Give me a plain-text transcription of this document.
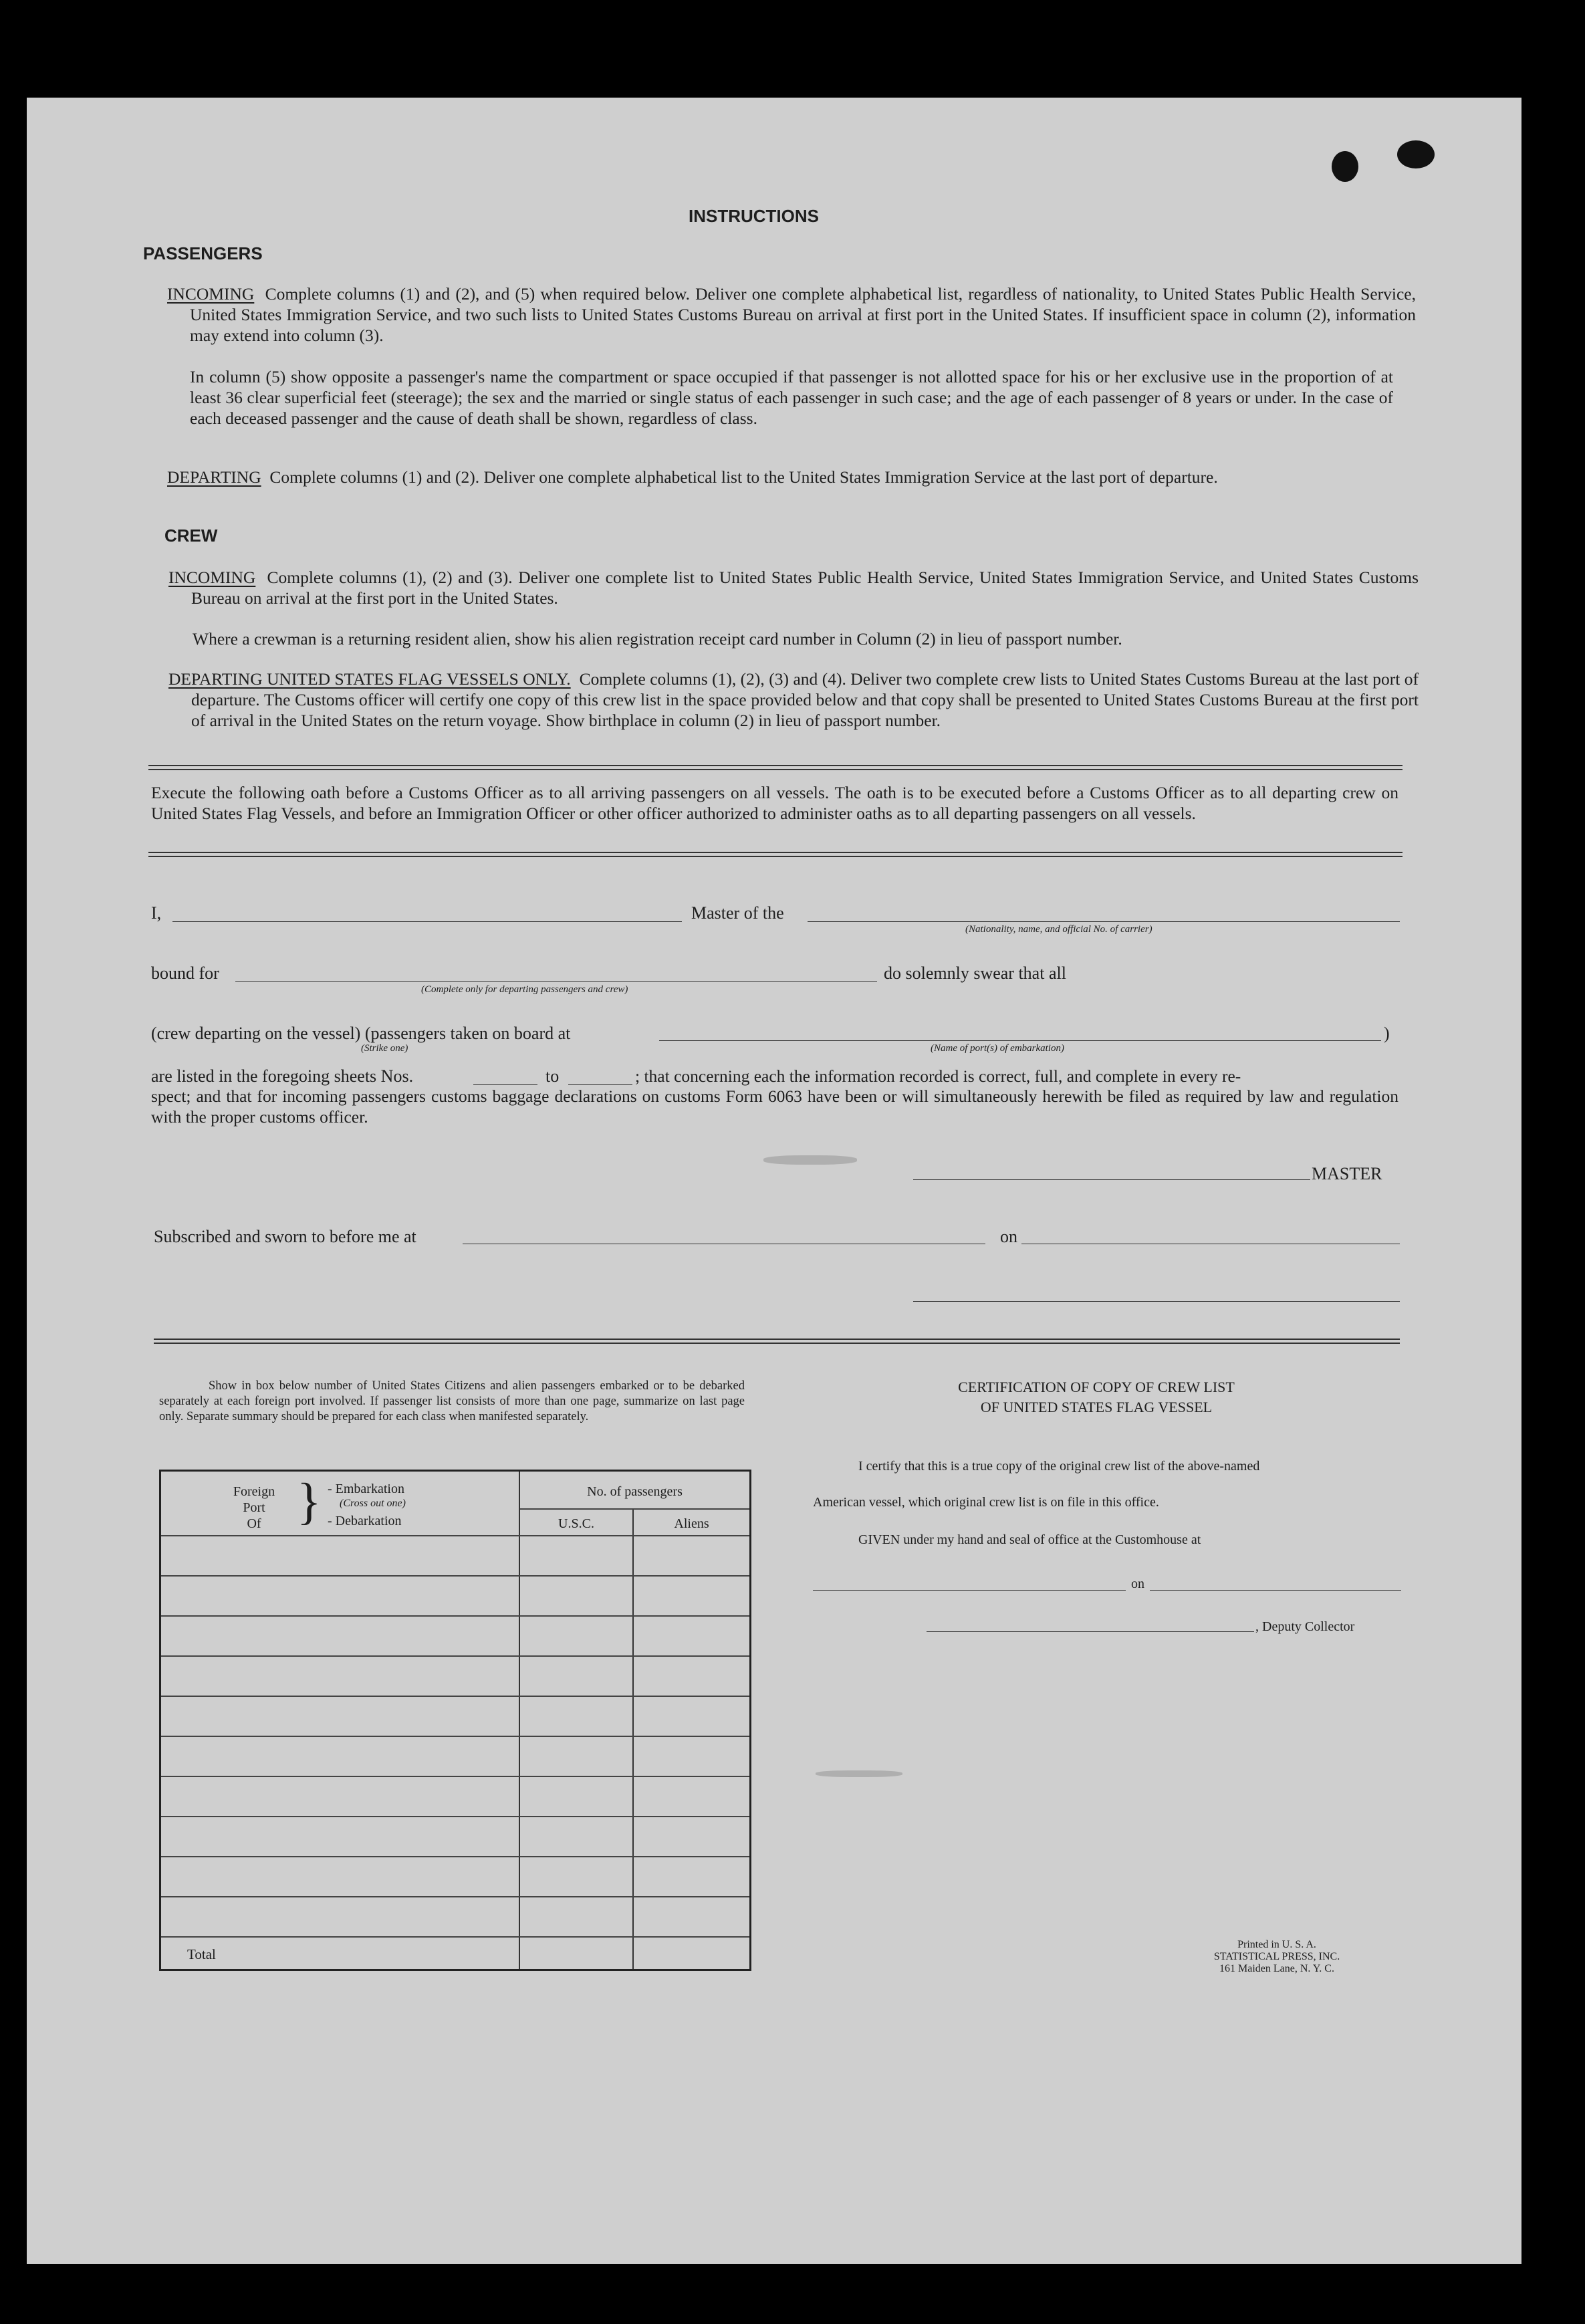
INSTRUCTIONS
PASSENGERS
INCOMING Complete columns (1) and (2), and (5) when required below. Deliver one complete alphabetical list, regardless of nationality, to United States Public Health Service, United States Immigration Service, and two such lists to United States Customs Bureau on arrival at first port in the United States. If insufficient space in column (2), information may extend into column (3).
In column (5) show opposite a passenger's name the compartment or space occupied if that passenger is not allotted space for his or her exclusive use in the proportion of at least 36 clear superficial feet (steerage); the sex and the married or single status of each passenger in such case; and the age of each passenger of 8 years or under. In the case of each deceased passenger and the cause of death shall be shown, regardless of class.
DEPARTING Complete columns (1) and (2). Deliver one complete alphabetical list to the United States Immigration Service at the last port of departure.
CREW
INCOMING Complete columns (1), (2) and (3). Deliver one complete list to United States Public Health Service, United States Immigration Service, and United States Customs Bureau on arrival at the first port in the United States.
Where a crewman is a returning resident alien, show his alien registration receipt card number in Column (2) in lieu of passport number.
DEPARTING UNITED STATES FLAG VESSELS ONLY. Complete columns (1), (2), (3) and (4). Deliver two complete crew lists to United States Customs Bureau at the last port of departure. The Customs officer will certify one copy of this crew list in the space provided below and that copy shall be presented to United States Customs Bureau at the first port of arrival in the United States on the return voyage. Show birthplace in column (2) in lieu of passport number.
Execute the following oath before a Customs Officer as to all arriving passengers on all vessels. The oath is to be executed before a Customs Officer as to all departing crew on United States Flag Vessels, and before an Immigration Officer or other officer authorized to administer oaths as to all departing passengers on all vessels.
I,	Master of the
(Nationality, name, and official No. of carrier)
bound for
(Complete only for departing passengers and crew)
do solemnly swear that all
(crew departing on the vessel) (passengers taken on board at	)
(Strike one)	(Name of port(s) of embarkation)
are listed in the foregoing sheets Nos.	to	; that concerning each the information recorded is correct, full, and complete in every re-
spect; and that for incoming passengers customs baggage declarations on customs Form 6063 have been or will simultaneously herewith be filed as required by law and regulation with the proper customs officer.
MASTER
Subscribed and sworn to before me at	on
Show in box below number of United States Citizens and alien passengers embarked or to be debarked separately at each foreign port involved. If passenger list consists of more than one page, summarize on last page only. Separate summary should be prepared for each class when manifested separately.
Foreign
Port
Of } - Embarkation
(Cross out one)
- Debarkation
No. of passengers
U.S.C.	Aliens
Total
CERTIFICATION OF COPY OF CREW LIST
OF UNITED STATES FLAG VESSEL
I certify that this is a true copy of the original crew list of the above-named
American vessel, which original crew list is on file in this office.
GIVEN under my hand and seal of office at the Customhouse at
on
, Deputy Collector
Printed in U. S. A.
STATISTICAL PRESS, INC.
161 Maiden Lane, N. Y. C.
